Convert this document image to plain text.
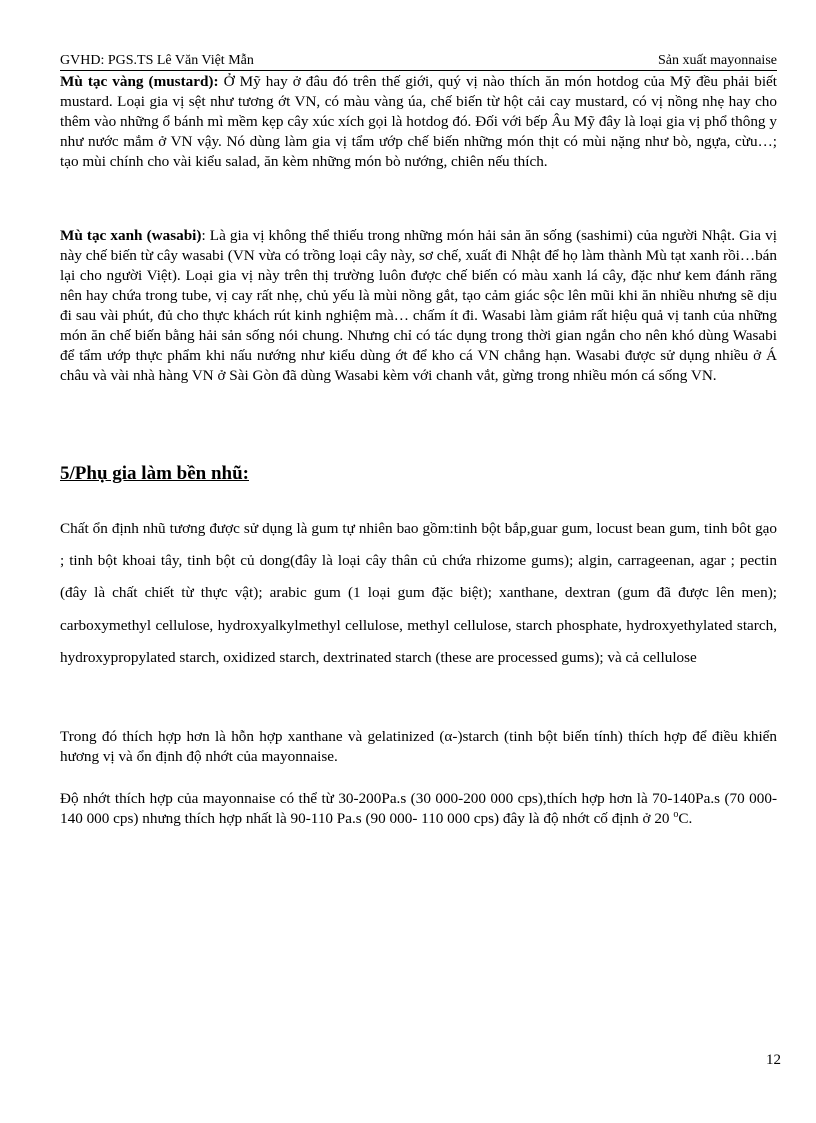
GVHD: PGS.TS Lê Văn Việt Mẫn	Sản xuất mayonnaise
Mù tạc vàng (mustard): Ở Mỹ hay ở đâu đó trên thế giới, quý vị nào thích ăn món hotdog của Mỹ đều phải biết mustard. Loại gia vị sệt như tương ớt VN, có màu vàng úa, chế biến từ hột cải cay mustard, có vị nồng nhẹ hay cho thêm vào những ổ bánh mì mềm kẹp cây xúc xích gọi là hotdog đó. Đối với bếp Âu Mỹ đây là loại gia vị phổ thông y như nước mắm ở VN vậy. Nó dùng làm gia vị tẩm ướp chế biến những món thịt có mùi nặng như bò, ngựa, cừu…; tạo mùi chính cho vài kiểu salad, ăn kèm những món bò nướng, chiên nếu thích.
Mù tạc xanh (wasabi): Là gia vị không thể thiếu trong những món hải sản ăn sống (sashimi) của người Nhật. Gia vị này chế biến từ cây wasabi (VN vừa có trồng loại cây này, sơ chế, xuất đi Nhật để họ làm thành Mù tạt xanh rồi…bán lại cho người Việt). Loại gia vị này trên thị trường luôn được chế biến có màu xanh lá cây, đặc như kem đánh răng nên hay chứa trong tube, vị cay rất nhẹ, chủ yếu là mùi nồng gắt, tạo cảm giác sộc lên mũi khi ăn nhiều nhưng sẽ dịu đi sau vài phút, đủ cho thực khách rút kinh nghiệm mà… chấm ít đi. Wasabi làm giảm rất hiệu quả vị tanh của những món ăn chế biến bằng hải sản sống nói chung. Nhưng chỉ có tác dụng trong thời gian ngắn cho nên khó dùng Wasabi để tẩm ướp thực phẩm khi nấu nướng như kiểu dùng ớt để kho cá VN chẳng hạn. Wasabi được sử dụng nhiều ở Á châu và vài nhà hàng VN ở Sài Gòn đã dùng Wasabi kèm với chanh vắt, gừng trong nhiều món cá sống VN.
5/Phụ gia làm bền nhũ:
Chất ổn định nhũ tương được sử dụng là gum tự nhiên bao gồm:tinh bột bắp,guar gum, locust bean gum, tinh bôt gạo ; tinh bột khoai tây, tinh bột củ dong(đây là loại cây thân củ chứa rhizome gums); algin, carrageenan, agar ; pectin (đây là chất chiết từ thực vật); arabic gum (1 loại gum đặc biệt); xanthane, dextran (gum đã được lên men); carboxymethyl cellulose, hydroxyalkylmethyl cellulose, methyl cellulose, starch phosphate, hydroxyethylated starch, hydroxypropylated starch, oxidized starch, dextrinated starch (these are processed gums); và cả cellulose
Trong đó thích hợp hơn là hỗn hợp xanthane và gelatinized (α-)starch (tinh bột biến tính) thích hợp để điều khiển hương vị và ổn định độ nhớt của mayonnaise.
Độ nhớt thích hợp của mayonnaise có thể từ 30-200Pa.s (30 000-200 000 cps),thích hợp hơn là 70-140Pa.s (70 000-140 000 cps) nhưng thích hợp nhất là 90-110 Pa.s (90 000- 110 000 cps) đây là độ nhớt cố định ở 20 $^o$C.
12
